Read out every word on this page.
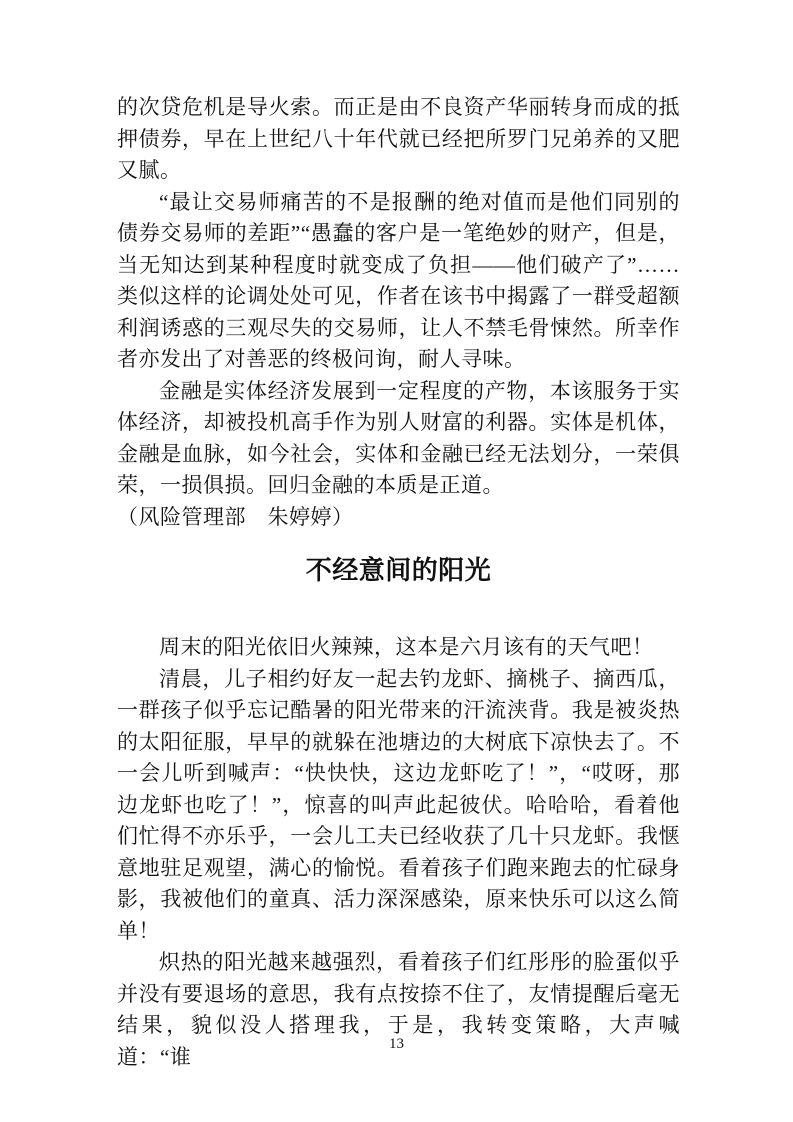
的次贷危机是导火索。而正是由不良资产华丽转身而成的抵押债券，早在上世纪八十年代就已经把所罗门兄弟养的又肥又腻。

“最让交易师痛苦的不是报酬的绝对值而是他们同别的债券交易师的差距”“愚蠢的客户是一笔绝妙的财产，但是，当无知达到某种程度时就变成了负担——他们破产了”……类似这样的论调处处可见，作者在该书中揭露了一群受超额利润诱惑的三观尽失的交易师，让人不禁毛骨悚然。所幸作者亦发出了对善恶的终极问询，耐人寻味。

金融是实体经济发展到一定程度的产物，本该服务于实体经济，却被投机高手作为别人财富的利器。实体是机体，金融是血脉，如今社会，实体和金融已经无法划分，一荣俱荣，一损俱损。回归金融的本质是正道。

（风险管理部　朱婷婷）

不经意间的阳光

周末的阳光依旧火辣辣，这本是六月该有的天气吧！

清晨，儿子相约好友一起去钓龙虾、摘桃子、摘西瓜，一群孩子似乎忘记酷暑的阳光带来的汗流浃背。我是被炎热的太阳征服，早早的就躲在池塘边的大树底下凉快去了。不一会儿听到喊声：“快快快，这边龙虾吃了！”，“哎呀，那边龙虾也吃了！”，惊喜的叫声此起彼伏。哈哈哈，看着他们忙得不亦乐乎，一会儿工夫已经收获了几十只龙虾。我惬意地驻足观望，满心的愉悦。看着孩子们跑来跑去的忙碌身影，我被他们的童真、活力深深感染，原来快乐可以这么简单！

炽热的阳光越来越强烈，看着孩子们红彤彤的脸蛋似乎并没有要退场的意思，我有点按捺不住了，友情提醒后毫无结果，貌似没人搭理我，于是，我转变策略，大声喊道：“谁

13
